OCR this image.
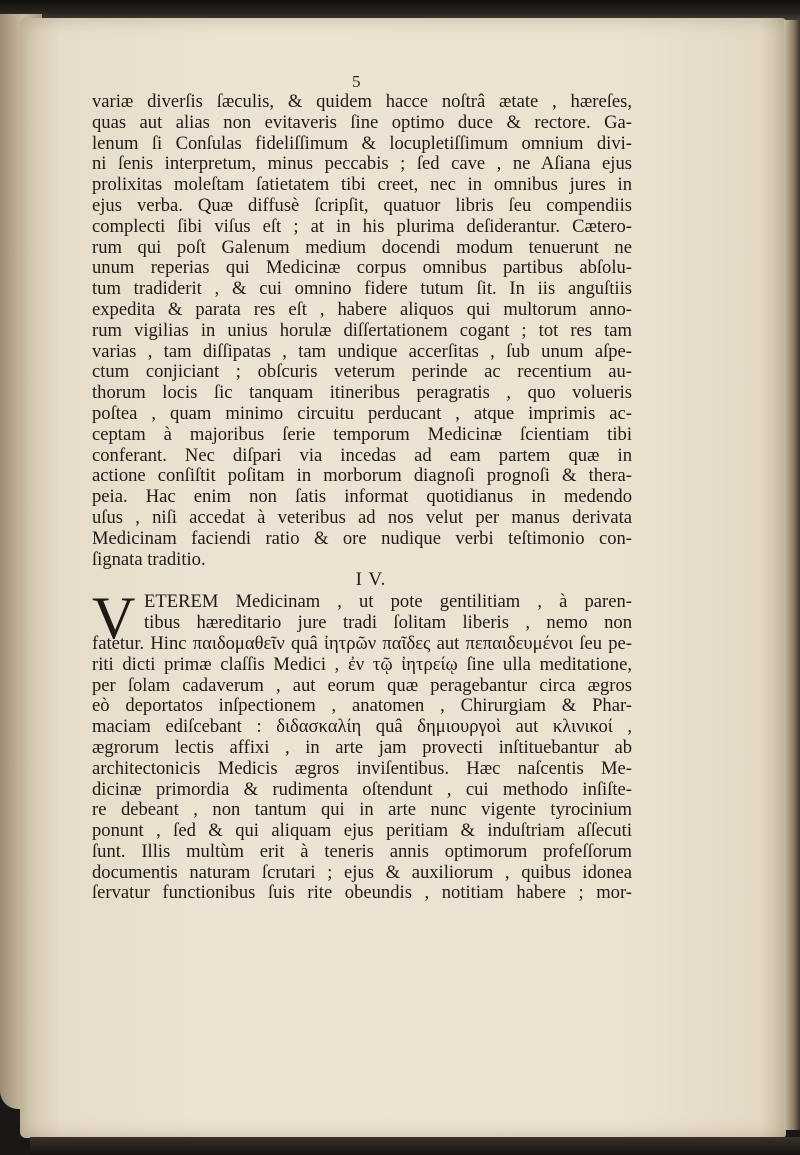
5
variæ diverſis ſæculis, & quidem hacce noſtrâ ætate , hæreſes,
quas aut alias non evitaveris ſine optimo duce & rectore. Ga-
lenum ſi Conſulas fideliſſimum & locupletiſſimum omnium divi-
ni ſenis interpretum, minus peccabis ; ſed cave , ne Aſiana ejus
prolixitas moleſtam ſatietatem tibi creet, nec in omnibus jures in
ejus verba. Quæ diffusè ſcripſit, quatuor libris ſeu compendiis
complecti ſibi viſus eſt ; at in his plurima deſiderantur. Cætero-
rum qui poſt Galenum medium docendi modum tenuerunt ne
unum reperias qui Medicinæ corpus omnibus partibus abſolu-
tum tradiderit , & cui omnino fidere tutum ſit. In iis anguſtiis
expedita & parata res eſt , habere aliquos qui multorum anno-
rum vigilias in unius horulæ diſſertationem cogant ; tot res tam
varias , tam diſſipatas , tam undique accerſitas , ſub unum aſpe-
ctum conjiciant ; obſcuris veterum perinde ac recentium au-
thorum locis ſic tanquam itineribus peragratis , quo volueris
poſtea , quam minimo circuitu perducant , atque imprimis ac-
ceptam à majoribus ſerie temporum Medicinæ ſcientiam tibi
conferant. Nec diſpari via incedas ad eam partem quæ in
actione conſiſtit poſitam in morborum diagnoſi prognoſi & thera-
peia. Hac enim non ſatis informat quotidianus in medendo
uſus , niſi accedat à veteribus ad nos velut per manus derivata
Medicinam faciendi ratio & ore nudique verbi teſtimonio con-
ſignata traditio.
I V.
V ETEREM Medicinam , ut pote gentilitiam , à paren-
tibus hæreditario jure tradi ſolitam liberis , nemo non
fatetur. Hinc παιδομαθεῖν quâ ἰητρῶν παῖδες aut πεπαιδευμένοι ſeu pe-
riti dicti primæ claſſis Medici , ἐν τῷ ἰητρείῳ ſine ulla meditatione,
per ſolam cadaverum , aut eorum quæ peragebantur circa ægros
eò deportatos inſpectionem , anatomen , Chirurgiam & Phar-
maciam ediſcebant : διδασκαλίη quâ δημιουργοὶ aut κλινικοί ,
ægrorum lectis affixi , in arte jam provecti inſtituebantur ab
architectonicis Medicis ægros inviſentibus. Hæc naſcentis Me-
dicinæ primordia & rudimenta oſtendunt , cui methodo inſiſte-
re debeant , non tantum qui in arte nunc vigente tyrocinium
ponunt , ſed & qui aliquam ejus peritiam & induſtriam aſſecuti
ſunt. Illis multùm erit à teneris annis optimorum profeſſorum
documentis naturam ſcrutari ; ejus & auxiliorum , quibus idonea
ſervatur functionibus ſuis rite obeundis , notitiam habere ; mor-
